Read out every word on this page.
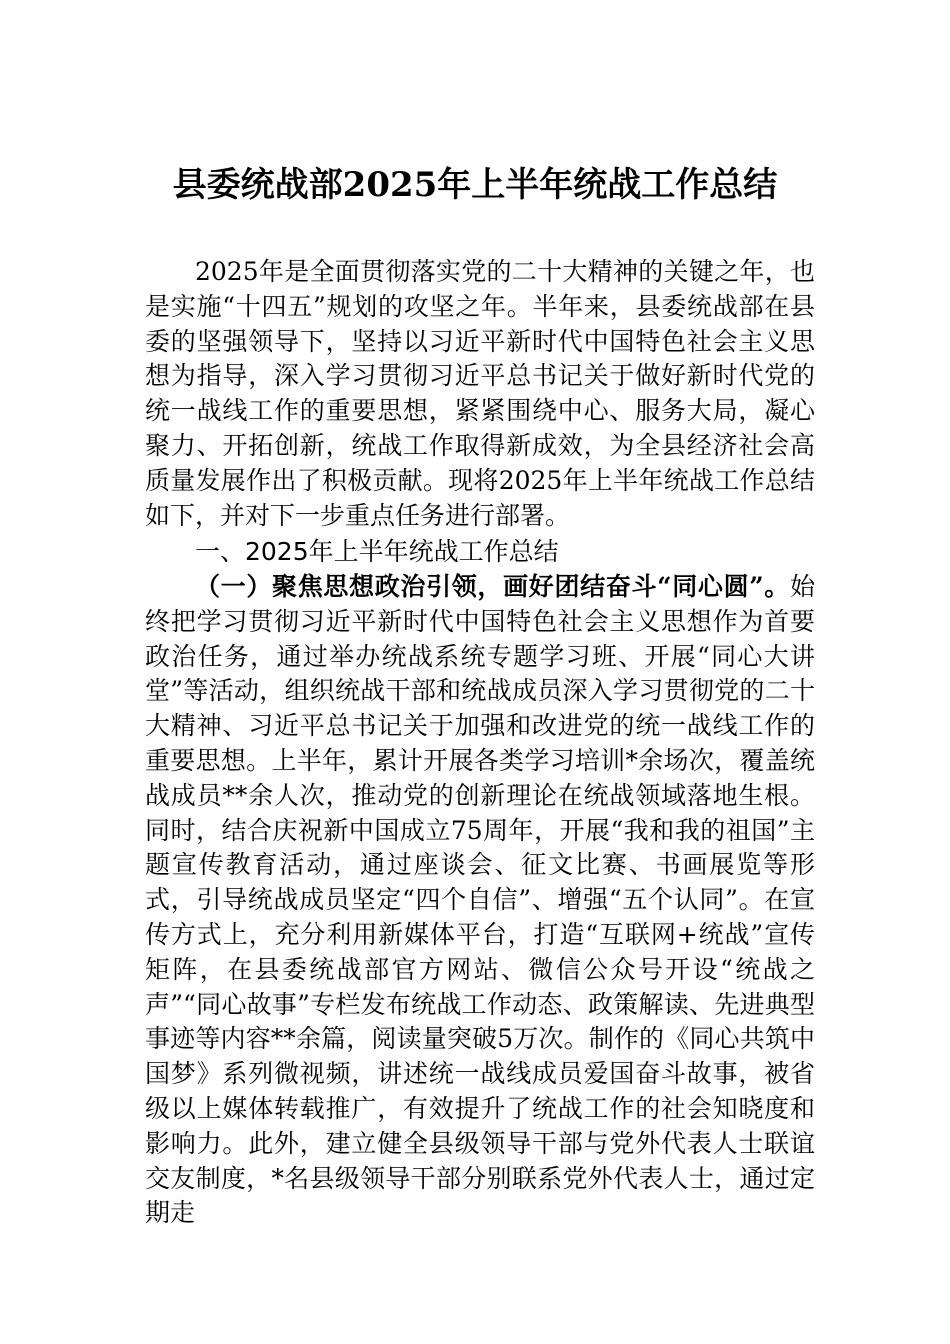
县委统战部2025年上半年统战工作总结

2025年是全面贯彻落实党的二十大精神的关键之年，也是实施“十四五”规划的攻坚之年。半年来，县委统战部在县委的坚强领导下，坚持以习近平新时代中国特色社会主义思想为指导，深入学习贯彻习近平总书记关于做好新时代党的统一战线工作的重要思想，紧紧围绕中心、服务大局，凝心聚力、开拓创新，统战工作取得新成效，为全县经济社会高质量发展作出了积极贡献。现将2025年上半年统战工作总结如下，并对下一步重点任务进行部署。

一、2025年上半年统战工作总结

（一）聚焦思想政治引领，画好团结奋斗“同心圆”。始终把学习贯彻习近平新时代中国特色社会主义思想作为首要政治任务，通过举办统战系统专题学习班、开展“同心大讲堂”等活动，组织统战干部和统战成员深入学习贯彻党的二十大精神、习近平总书记关于加强和改进党的统一战线工作的重要思想。上半年，累计开展各类学习培训*余场次，覆盖统战成员**余人次，推动党的创新理论在统战领域落地生根。同时，结合庆祝新中国成立75周年，开展“我和我的祖国”主题宣传教育活动，通过座谈会、征文比赛、书画展览等形式，引导统战成员坚定“四个自信”、增强“五个认同”。在宣传方式上，充分利用新媒体平台，打造“互联网+统战”宣传矩阵，在县委统战部官方网站、微信公众号开设“统战之声”“同心故事”专栏发布统战工作动态、政策解读、先进典型事迹等内容**余篇，阅读量突破5万次。制作的《同心共筑中国梦》系列微视频，讲述统一战线成员爱国奋斗故事，被省级以上媒体转载推广，有效提升了统战工作的社会知晓度和影响力。此外，建立健全县级领导干部与党外代表人士联谊交友制度，*名县级领导干部分别联系党外代表人士，通过定期走
